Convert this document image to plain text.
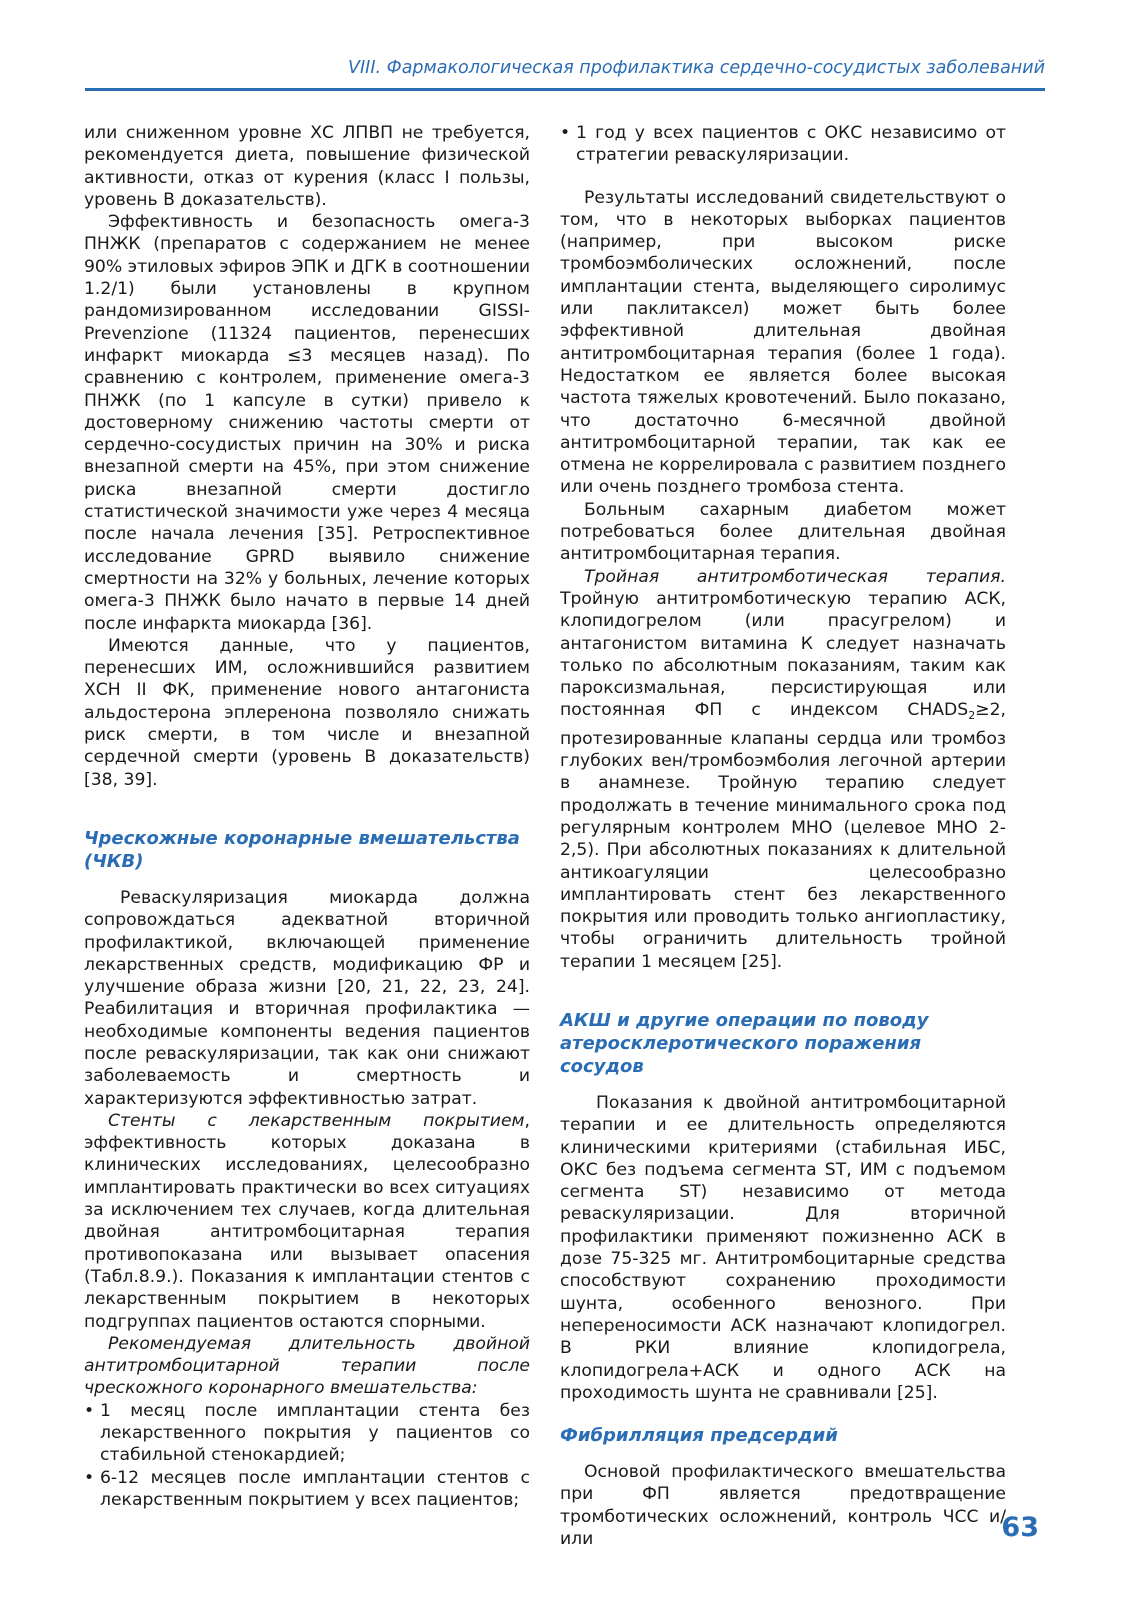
VIII. Фармакологическая профилактика сердечно-сосудистых заболеваний

или сниженном уровне ХС ЛПВП не требуется, рекомендуется диета, повышение физической активности, отказ от курения (класс I пользы, уровень В доказательств).

Эффективность и безопасность омега-3 ПНЖК (препаратов с содержанием не менее 90% этиловых эфиров ЭПК и ДГК в соотношении 1.2/1) были установлены в крупном рандомизированном исследовании GISSI-Prevenzione (11324 пациентов, перенесших инфаркт миокарда ≤3 месяцев назад). По сравнению с контролем, применение омега-3 ПНЖК (по 1 капсуле в сутки) привело к достоверному снижению частоты смерти от сердечно-сосудистых причин на 30% и риска внезапной смерти на 45%, при этом снижение риска внезапной смерти достигло статистической значимости уже через 4 месяца после начала лечения [35]. Ретроспективное исследование GPRD выявило снижение смертности на 32% у больных, лечение которых омега-3 ПНЖК было начато в первые 14 дней после инфаркта миокарда [36].

Имеются данные, что у пациентов, перенесших ИМ, осложнившийся развитием ХСН II ФК, применение нового антагониста альдостерона эплеренона позволяло снижать риск смерти, в том числе и внезапной сердечной смерти (уровень В доказательств) [38, 39].

Чрескожные коронарные вмешательства (ЧКВ)

Реваскуляризация миокарда должна сопровождаться адекватной вторичной профилактикой, включающей применение лекарственных средств, модификацию ФР и улучшение образа жизни [20, 21, 22, 23, 24]. Реабилитация и вторичная профилактика — необходимые компоненты ведения пациентов после реваскуляризации, так как они снижают заболеваемость и смертность и характеризуются эффективностью затрат.

Стенты с лекарственным покрытием, эффективность которых доказана в клинических исследованиях, целесообразно имплантировать практически во всех ситуациях за исключением тех случаев, когда длительная двойная антитромбоцитарная терапия противопоказана или вызывает опасения (Табл.8.9.). Показания к имплантации стентов с лекарственным покрытием в некоторых подгруппах пациентов остаются спорными.

Рекомендуемая длительность двойной антитромбоцитарной терапии после чрескожного коронарного вмешательства:

• 1 месяц после имплантации стента без лекарственного покрытия у пациентов со стабильной стенокардией;
• 6-12 месяцев после имплантации стентов с лекарственным покрытием у всех пациентов;
• 1 год у всех пациентов с ОКС независимо от стратегии реваскуляризации.

Результаты исследований свидетельствуют о том, что в некоторых выборках пациентов (например, при высоком риске тромбоэмболических осложнений, после имплантации стента, выделяющего сиролимус или паклитаксел) может быть более эффективной длительная двойная антитромбоцитарная терапия (более 1 года). Недостатком ее является более высокая частота тяжелых кровотечений. Было показано, что достаточно 6-месячной двойной антитромбоцитарной терапии, так как ее отмена не коррелировала с развитием позднего или очень позднего тромбоза стента.

Больным сахарным диабетом может потребоваться более длительная двойная антитромбоцитарная терапия.

Тройная антитромботическая терапия. Тройную антитромботическую терапию АСК, клопидогрелом (или прасугрелом) и антагонистом витамина К следует назначать только по абсолютным показаниям, таким как пароксизмальная, персистирующая или постоянная ФП с индексом $CHADS_2\ge 2$, протезированные клапаны сердца или тромбоз глубоких вен/тромбоэмболия легочной артерии в анамнезе. Тройную терапию следует продолжать в течение минимального срока под регулярным контролем МНО (целевое МНО 2-2,5). При абсолютных показаниях к длительной антикоагуляции целесообразно имплантировать стент без лекарственного покрытия или проводить только ангиопластику, чтобы ограничить длительность тройной терапии 1 месяцем [25].

АКШ и другие операции по поводу атеросклеротического поражения сосудов

Показания к двойной антитромбоцитарной терапии и ее длительность определяются клиническими критериями (стабильная ИБС, ОКС без подъема сегмента ST, ИМ с подъемом сегмента ST) независимо от метода реваскуляризации. Для вторичной профилактики применяют пожизненно АСК в дозе 75-325 мг. Антитромбоцитарные средства способствуют сохранению проходимости шунта, особенного венозного. При непереносимости АСК назначают клопидогрел. В РКИ влияние клопидогрела, клопидогрела+АСК и одного АСК на проходимость шунта не сравнивали [25].

Фибрилляция предсердий

Основой профилактического вмешательства при ФП является предотвращение тромботических осложнений, контроль ЧСС и/или	63
